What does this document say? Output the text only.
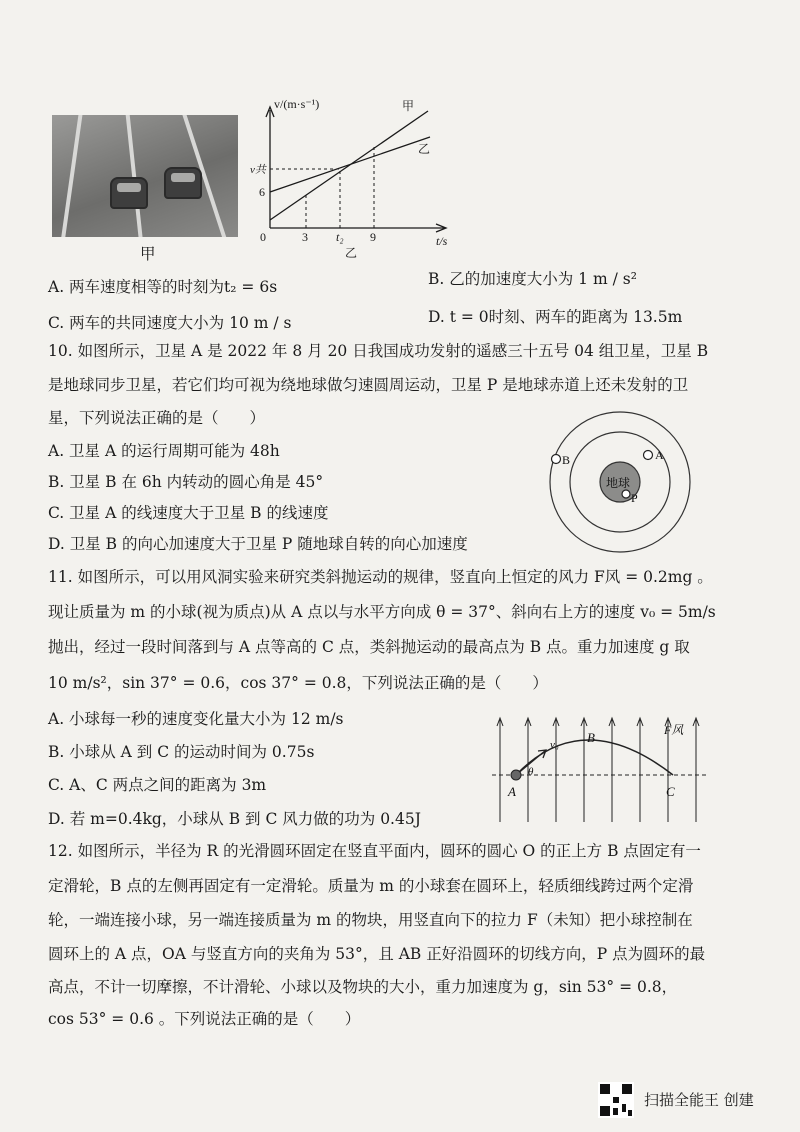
甲
v/(m·s⁻¹)
t/s
甲
乙
v共
6
0	3 t₂ 9
乙
A. 两车速度相等的时刻为t₂ = 6s	B. 乙的加速度大小为 1 m / s²
C. 两车的共同速度大小为 10 m / s	D. t = 0时刻、两车的距离为 13.5m
10. 如图所示，卫星 A 是 2022 年 8 月 20 日我国成功发射的遥感三十五号 04 组卫星，卫星 B
是地球同步卫星，若它们均可视为绕地球做匀速圆周运动，卫星 P 是地球赤道上还未发射的卫
星，下列说法正确的是（　　）
A. 卫星 A 的运行周期可能为 48h
B. 卫星 B 在 6h 内转动的圆心角是 45°
C. 卫星 A 的线速度大于卫星 B 的线速度
D. 卫星 B 的向心加速度大于卫星 P 随地球自转的向心加速度
地球
B	A
P
11. 如图所示，可以用风洞实验来研究类斜抛运动的规律，竖直向上恒定的风力 F风 = 0.2mg 。
现让质量为 m 的小球(视为质点)从 A 点以与水平方向成 θ = 37°、斜向右上方的速度 v₀ = 5m/s
抛出，经过一段时间落到与 A 点等高的 C 点，类斜抛运动的最高点为 B 点。重力加速度 g 取
10 m/s²，sin 37° = 0.6，cos 37° = 0.8，下列说法正确的是（　　）
A. 小球每一秒的速度变化量大小为 12 m/s
B. 小球从 A 到 C 的运动时间为 0.75s
C. A、C 两点之间的距离为 3m
D. 若 m=0.4kg，小球从 B 到 C 风力做的功为 0.45J
A
B
C
v₀
θ
F风
12. 如图所示，半径为 R 的光滑圆环固定在竖直平面内，圆环的圆心 O 的正上方 B 点固定有一
定滑轮，B 点的左侧再固定有一定滑轮。质量为 m 的小球套在圆环上，轻质细线跨过两个定滑
轮，一端连接小球，另一端连接质量为 m 的物块，用竖直向下的拉力 F（未知）把小球控制在
圆环上的 A 点，OA 与竖直方向的夹角为 53°，且 AB 正好沿圆环的切线方向，P 点为圆环的最
高点，不计一切摩擦，不计滑轮、小球以及物块的大小，重力加速度为 g，sin 53° = 0.8，
cos 53° = 0.6 。下列说法正确的是（　　）
扫描全能王 创建
